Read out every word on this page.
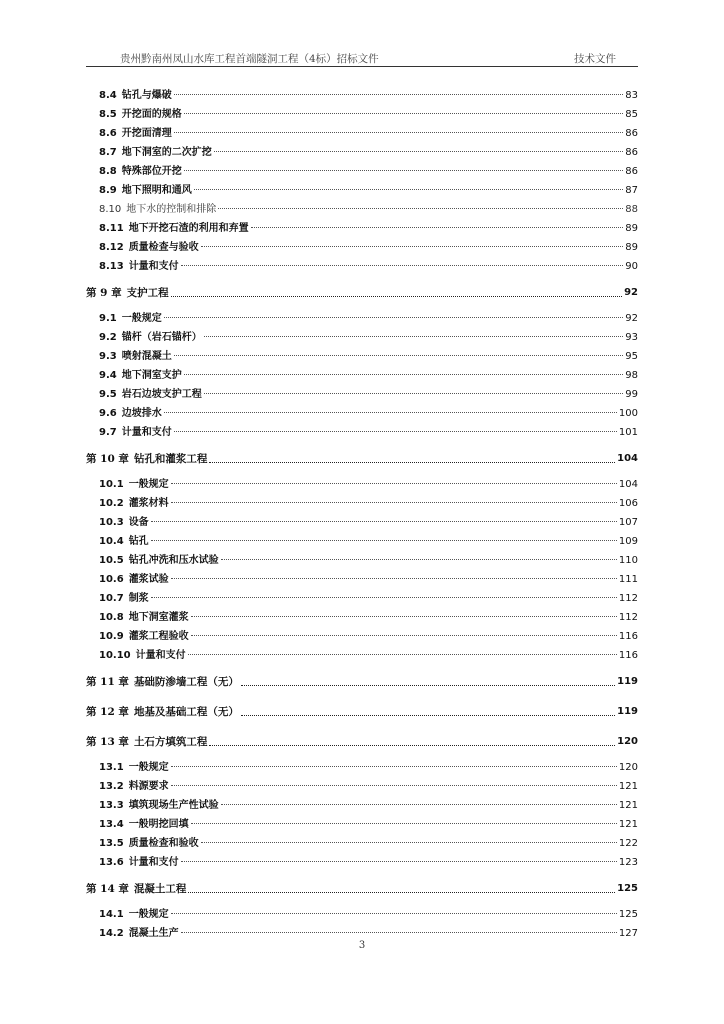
贵州黔南州凤山水库工程首端隧洞工程（4标）招标文件	技术文件
8.4 钻孔与爆破	83
8.5 开挖面的规格	85
8.6 开挖面清理	86
8.7 地下洞室的二次扩挖	86
8.8 特殊部位开挖	86
8.9 地下照明和通风	87
8.10 地下水的控制和排除	88
8.11 地下开挖石渣的利用和弃置	89
8.12 质量检查与验收	89
8.13 计量和支付	90
第 9 章 支护工程	92
9.1 一般规定	92
9.2 锚杆（岩石锚杆）	93
9.3 喷射混凝土	95
9.4 地下洞室支护	98
9.5 岩石边坡支护工程	99
9.6 边坡排水	100
9.7 计量和支付	101
第 10 章 钻孔和灌浆工程	104
10.1 一般规定	104
10.2 灌浆材料	106
10.3 设备	107
10.4 钻孔	109
10.5 钻孔冲洗和压水试验	110
10.6 灌浆试验	111
10.7 制浆	112
10.8 地下洞室灌浆	112
10.9 灌浆工程验收	116
10.10 计量和支付	116
第 11 章 基础防渗墙工程（无）	119
第 12 章 地基及基础工程（无）	119
第 13 章 土石方填筑工程	120
13.1 一般规定	120
13.2 料源要求	121
13.3 填筑现场生产性试验	121
13.4 一般明挖回填	121
13.5 质量检查和验收	122
13.6 计量和支付	123
第 14 章 混凝土工程	125
14.1 一般规定	125
14.2 混凝土生产	127
3
